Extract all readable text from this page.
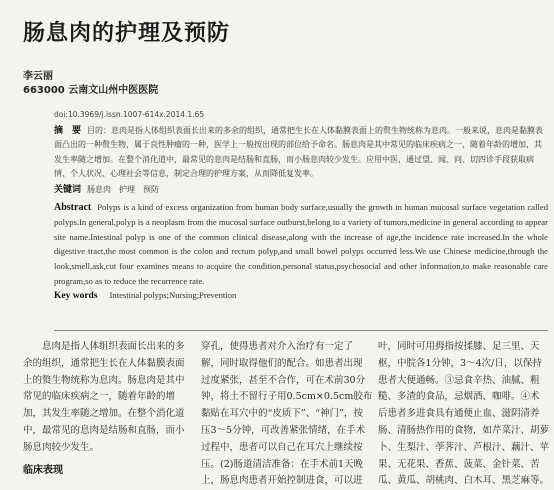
肠息肉的护理及预防
李云丽
663000 云南文山州中医医院
doi:10.3969/j.issn.1007-614x.2014.1.65
摘　要 目的：息肉是指人体组织表面长出来的多余的组织，通常把生长在人体黏膜表面上的赘生物统称为息肉。一般来说，息肉是黏膜表面凸出的一种赘生物，属于良性肿瘤的一种，医学上一般按出现的部位给予命名。肠息肉是其中常见的临床疾病之一，随着年龄的增加，其发生率随之增加。在整个消化道中，最常见的息肉是结肠和直肠，而小肠息肉较少发生。应用中医，通过望、闻、问、切四诊手段获取病情、个人状况、心理社会等信息，制定合理的护理方案，从而降低复发率。
关键词 肠息肉　护理　预防
Abstract Polyps is a kind of excess organization from human body surface,usually the growth in human mucosal surface vegetation called polyps.In general,polyp is a neoplasm from the mucosal surface outburst,belong to a variety of tumors,medicine in general according to appear site name.Intestinal polyp is one of the common clinical disease,along with the increase of age,the incidence rate increased.In the whole digestive tract,the most common is the colon and rectum polyp,and small bowel polyps occurred less.We use Chinese medicine,through the look,smell,ask,cut four examines means to acquire the condition,personal status,psychosocial and other information,to make reasonable care program,so as to reduce the recurrence rate.
Key words Intestinal polyps;Nursing;Prevention

息肉是指人体组织表面长出来的多
余的组织，通常把生长在人体黏膜表面
上的赘生物统称为息肉。肠息肉是其中
常见的临床疾病之一，随着年龄的增
加，其发生率随之增加。在整个消化道
中，最常见的息肉是结肠和直肠，而小
肠息肉较少发生。

临床表现

穿孔，使得患者对介入治疗有一定了
解，同时取得他们的配合。如患者出现
过度紧张，甚至不合作，可在术前30分
钟，将土不留行子用0.5cm×0.5cm胶布
黏贴在耳穴中的“皮质下”、“神门”，按
压3～5分钟，可改善紧张情绪，在手术
过程中，患者可以自己在耳穴上继续按
压。(2)肠道清洁准备：在手术前1天晚
上，肠息肉患者开始控制进食，可以进

叶，同时可用拇指按揉膝、足三里、天
枢，中脘各1分钟，3～4次/日，以保持
患者大便通畅。③忌食辛热、油腻、粗
糙、多渣的食品，忌烟酒、咖啡。④术
后患者多进食具有通便止血、滋阴清养
肠、清肠热作用的食物，如芹菜汁、胡萝
卜、生梨汁、荸荠汁、芦根汁、藕汁、苹
果、无花果、香蕉、菠菜、金针菜、苦
瓜、黄瓜、胡桃肉、白木耳、黑芝麻等。
